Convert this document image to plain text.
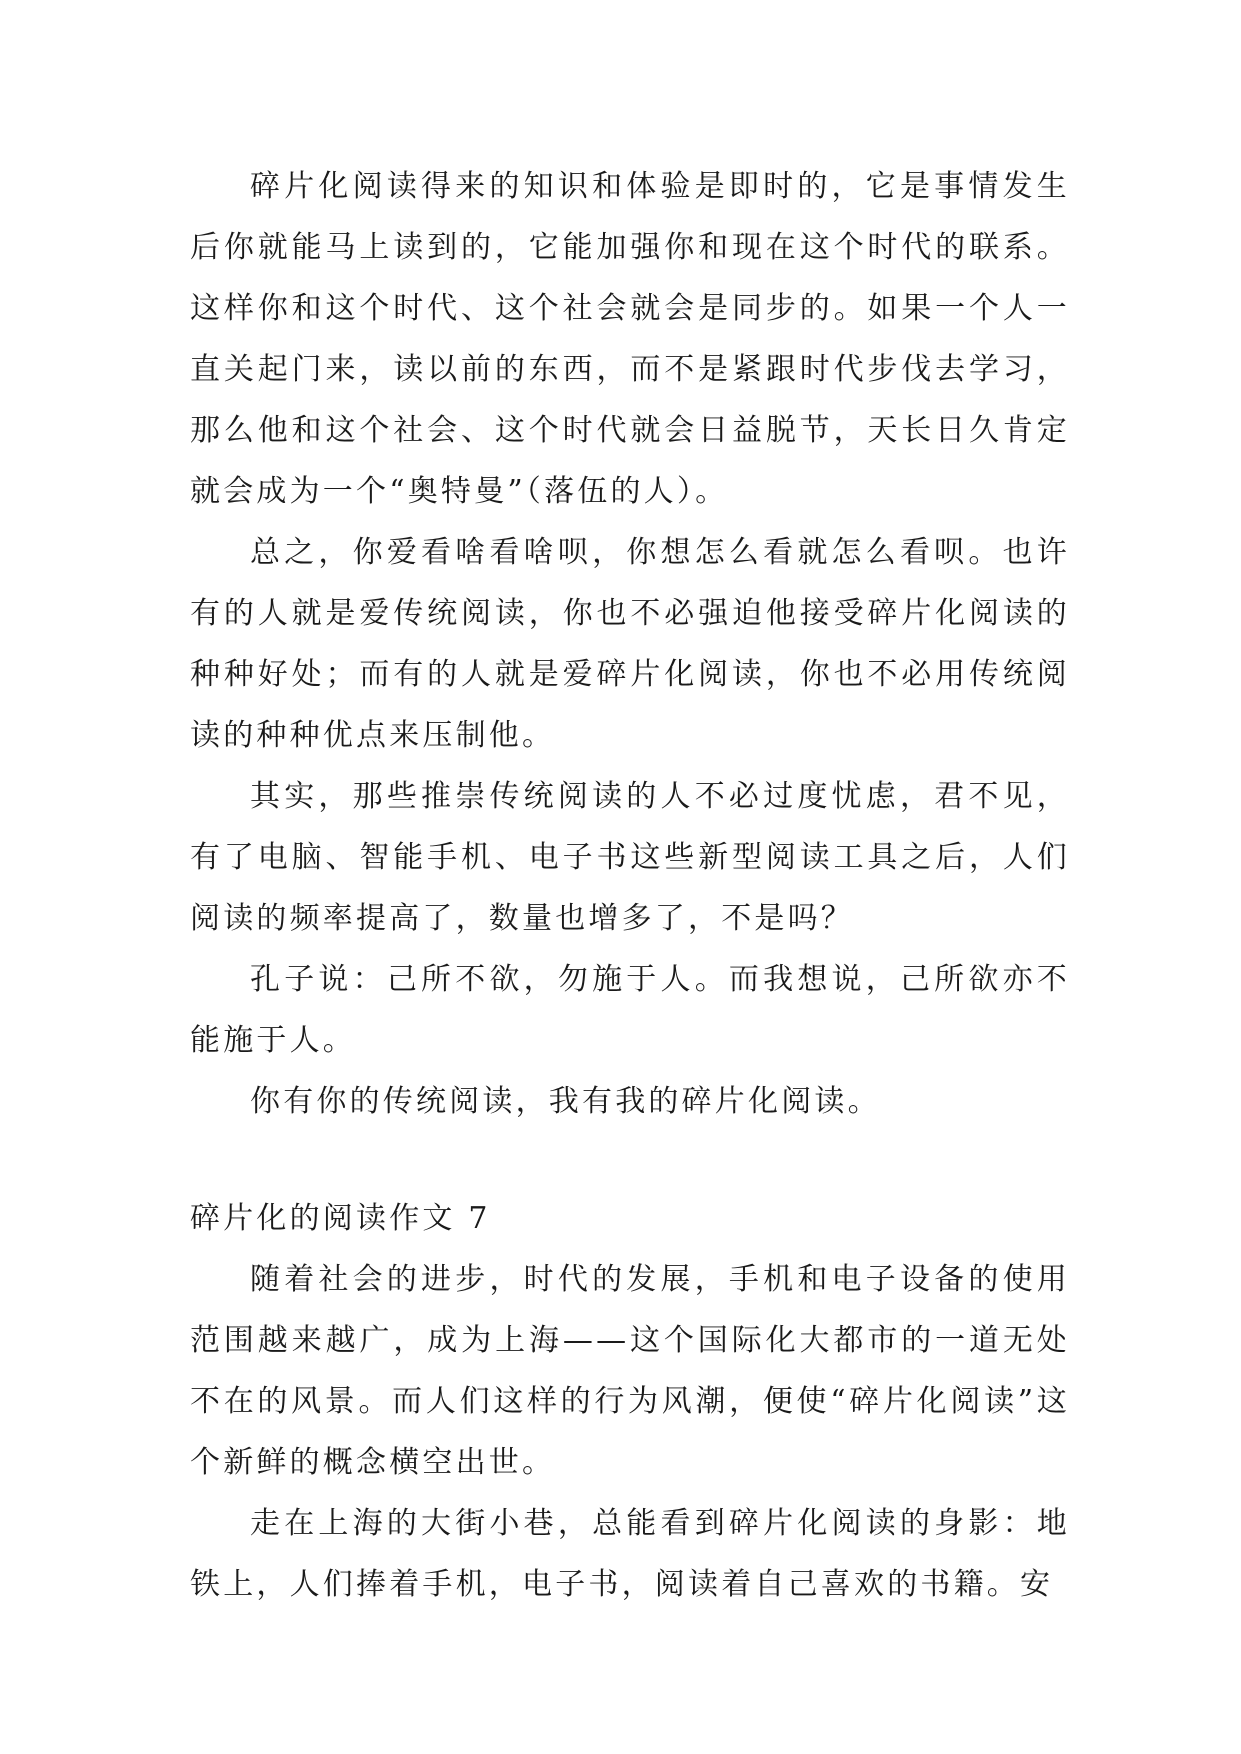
碎片化阅读得来的知识和体验是即时的，它是事情发生后你就能马上读到的，它能加强你和现在这个时代的联系。这样你和这个时代、这个社会就会是同步的。如果一个人一直关起门来，读以前的东西，而不是紧跟时代步伐去学习，那么他和这个社会、这个时代就会日益脱节，天长日久肯定就会成为一个“奥特曼”（落伍的人）。

总之，你爱看啥看啥呗，你想怎么看就怎么看呗。也许有的人就是爱传统阅读，你也不必强迫他接受碎片化阅读的种种好处；而有的人就是爱碎片化阅读，你也不必用传统阅读的种种优点来压制他。

其实，那些推崇传统阅读的人不必过度忧虑，君不见，有了电脑、智能手机、电子书这些新型阅读工具之后，人们阅读的频率提高了，数量也增多了，不是吗？

孔子说：己所不欲，勿施于人。而我想说，己所欲亦不能施于人。

你有你的传统阅读，我有我的碎片化阅读。

碎片化的阅读作文 7

随着社会的进步，时代的发展，手机和电子设备的使用范围越来越广，成为上海——这个国际化大都市的一道无处不在的风景。而人们这样的行为风潮，便使“碎片化阅读”这个新鲜的概念横空出世。

走在上海的大街小巷，总能看到碎片化阅读的身影：地铁上，人们捧着手机，电子书，阅读着自己喜欢的书籍。安
